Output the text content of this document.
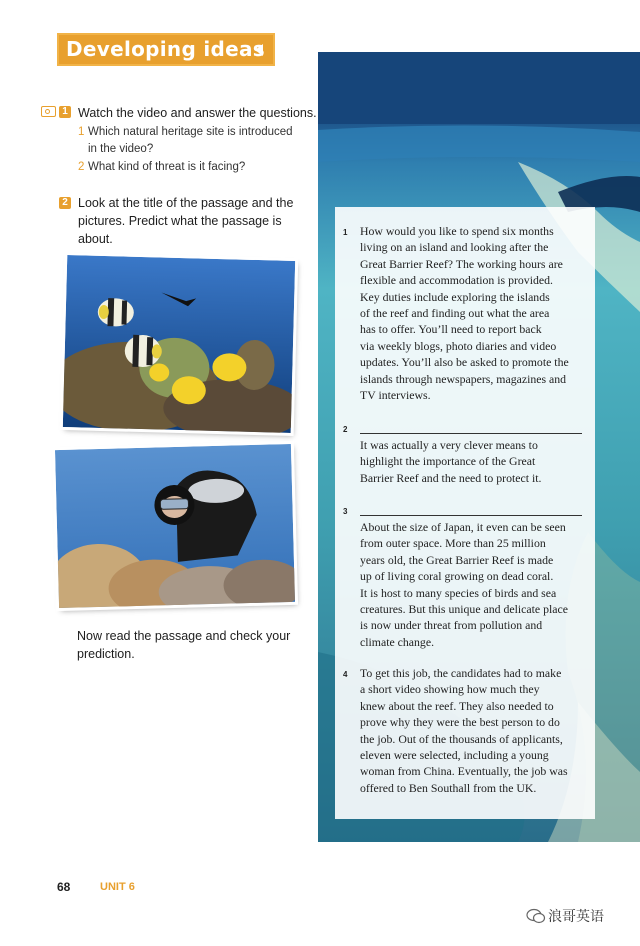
Developing ideas
1 Watch the video and answer the questions.
1 Which natural heritage site is introduced
in the video?
2 What kind of threat is it facing?
2 Look at the title of the passage and the
pictures. Predict what the passage is
about.
Now read the passage and check your
prediction.
1 How would you like to spend six months
living on an island and looking after the
Great Barrier Reef? The working hours are
flexible and accommodation is provided.
Key duties include exploring the islands
of the reef and finding out what the area
has to offer. You’ll need to report back
via weekly blogs, photo diaries and video
updates. You’ll also be asked to promote the
islands through newspapers, magazines and
TV interviews.
2
It was actually a very clever means to
highlight the importance of the Great
Barrier Reef and the need to protect it.
3
About the size of Japan, it even can be seen
from outer space. More than 25 million
years old, the Great Barrier Reef is made
up of living coral growing on dead coral.
It is host to many species of birds and sea
creatures. But this unique and delicate place
is now under threat from pollution and
climate change.
4 To get this job, the candidates had to make
a short video showing how much they
knew about the reef. They also needed to
prove why they were the best person to do
the job. Out of the thousands of applicants,
eleven were selected, including a young
woman from China. Eventually, the job was
offered to Ben Southall from the UK.
68	UNIT 6
浪哥英语
